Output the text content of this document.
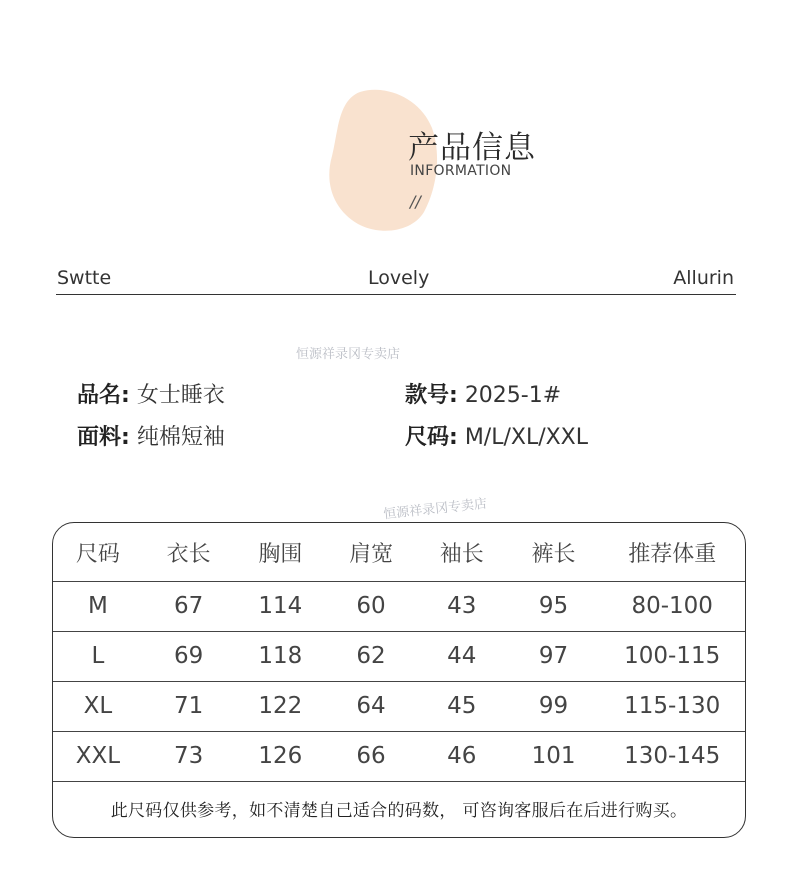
产品信息
INFORMATION
//
Swtte	Lovely	Allurin
恒源祥录冈专卖店
恒源祥录冈专卖店
品名: 女士睡衣
面料: 纯棉短袖
款号: 2025-1#
尺码: M/L/XL/XXL
尺码	衣长	胸围	肩宽	袖长	裤长	推荐体重
M	67	114	60	43	95	80-100
L	69	118	62	44	97	100-115
XL	71	122	64	45	99	115-130
XXL	73	126	66	46	101	130-145
此尺码仅供参考，如不清楚自己适合的码数， 可咨询客服后在后进行购买。
